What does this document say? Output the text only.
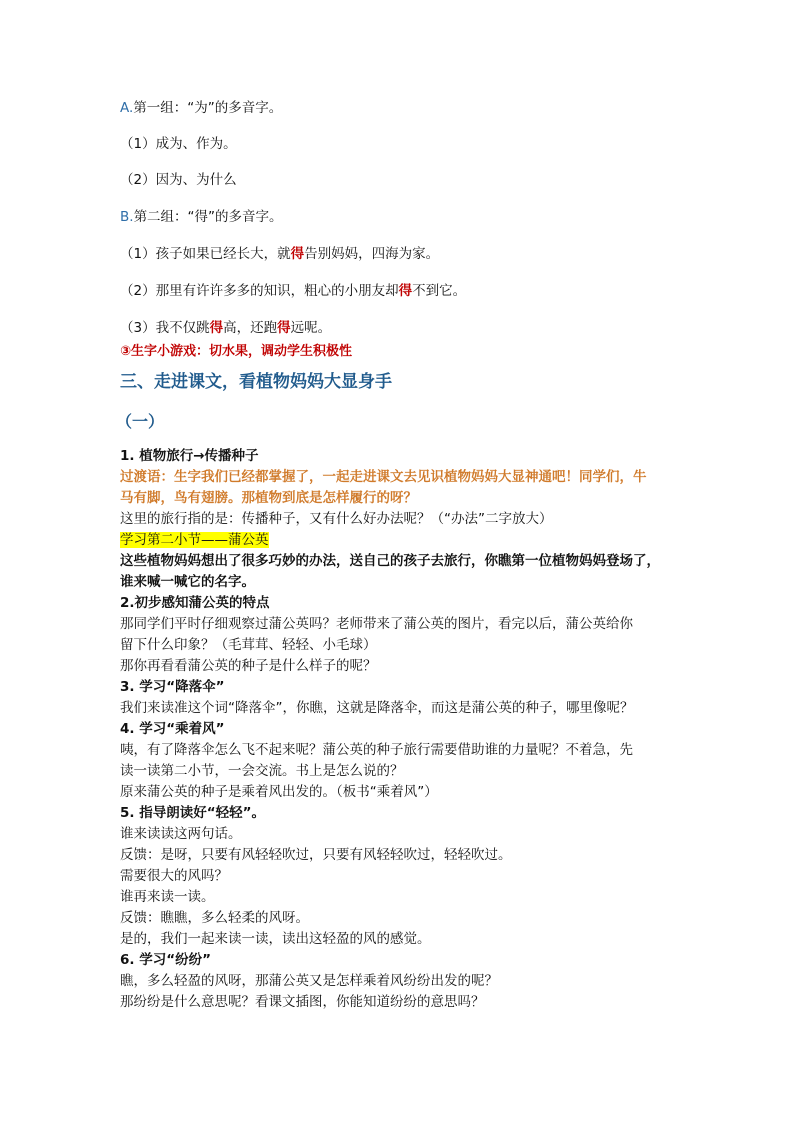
A.第一组：“为”的多音字。
（1）成为、作为。
（2）因为、为什么
B.第二组：“得”的多音字。
（1）孩子如果已经长大，就得告别妈妈，四海为家。
（2）那里有许许多多的知识，粗心的小朋友却得不到它。
（3）我不仅跳得高，还跑得远呢。
③生字小游戏：切水果，调动学生积极性
三、走进课文，看植物妈妈大显身手
（一）
1. 植物旅行→传播种子
过渡语：生字我们已经都掌握了，一起走进课文去见识植物妈妈大显神通吧！同学们，牛
马有脚，鸟有翅膀。那植物到底是怎样履行的呀？
这里的旅行指的是：传播种子，又有什么好办法呢？（“办法”二字放大）
学习第二小节——蒲公英
这些植物妈妈想出了很多巧妙的办法，送自己的孩子去旅行，你瞧第一位植物妈妈登场了，
谁来喊一喊它的名字。
2.初步感知蒲公英的特点
那同学们平时仔细观察过蒲公英吗？老师带来了蒲公英的图片，看完以后，蒲公英给你
留下什么印象？（毛茸茸、轻轻、小毛球）
那你再看看蒲公英的种子是什么样子的呢？
3. 学习“降落伞”
我们来读准这个词“降落伞”，你瞧，这就是降落伞，而这是蒲公英的种子，哪里像呢？
4. 学习“乘着风”
咦，有了降落伞怎么飞不起来呢？蒲公英的种子旅行需要借助谁的力量呢？不着急，先
读一读第二小节，一会交流。书上是怎么说的？
原来蒲公英的种子是乘着风出发的。（板书“乘着风”）
5. 指导朗读好“轻轻”。
谁来读读这两句话。
反馈：是呀，只要有风轻轻吹过，只要有风轻轻吹过，轻轻吹过。
需要很大的风吗？
谁再来读一读。
反馈：瞧瞧，多么轻柔的风呀。
是的，我们一起来读一读，读出这轻盈的风的感觉。
6. 学习“纷纷”
瞧，多么轻盈的风呀，那蒲公英又是怎样乘着风纷纷出发的呢？
那纷纷是什么意思呢？看课文插图，你能知道纷纷的意思吗？
